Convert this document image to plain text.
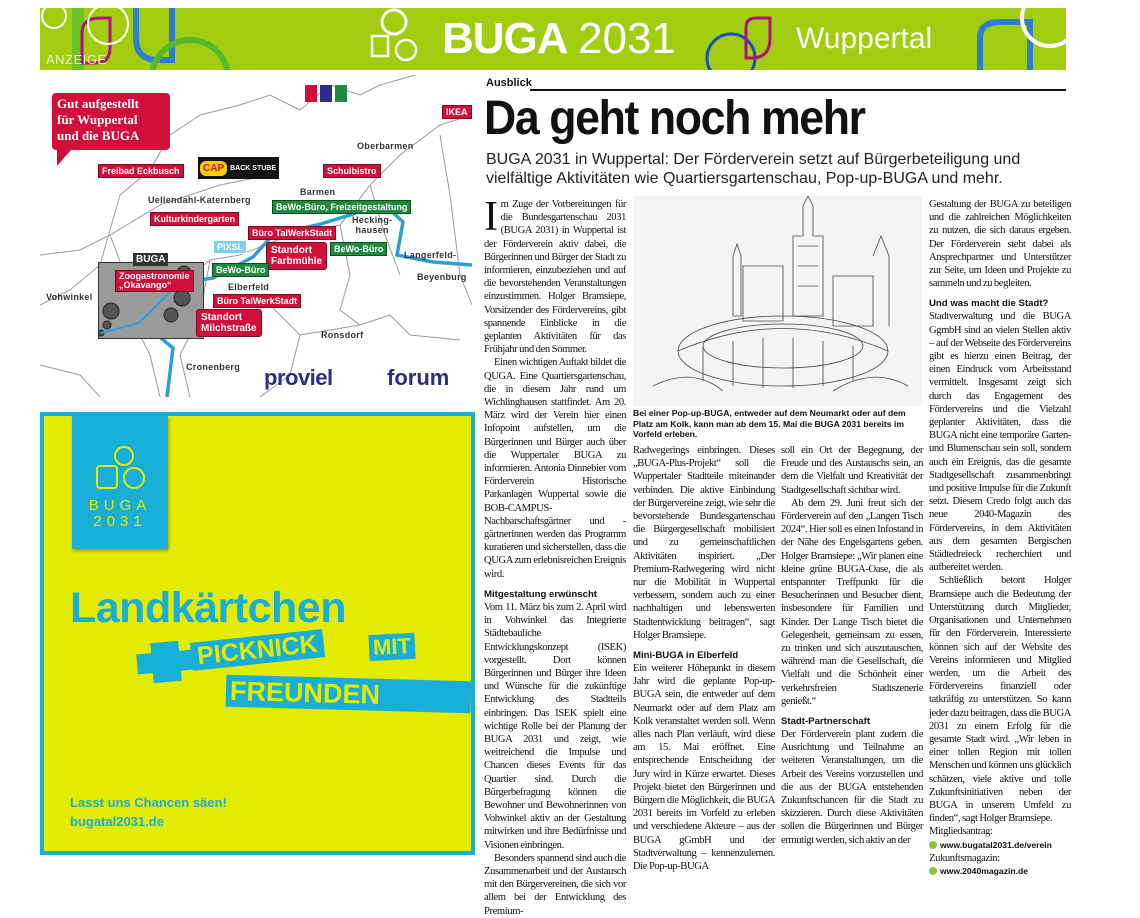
ANZEIGE	BUGA 2031	Wuppertal
Gut aufgestellt
für Wuppertal
und die BUGA
Oberbarmen
Barmen
Uellendahl-Katernberg
Hecking-
hausen
Langerfeld-
Beyenburg
Elberfeld
Vohwinkel
Ronsdorf
Cronenberg
Freibad Eckbusch	CAP BACK STUBE	Schulbistro
IKEA
Kulturkindergarten
BeWo-Büro, Freizeitgestaltung
Büro TalWerkStadt
Standort
Farbmühle
BeWo-Büro
PIXSL
BeWo-Büro
Büro TalWerkStadt
BUGA
Zoogastronomie
„Okavango“
Standort
Milchstraße
proviel forum
BUGA
2031
Landkärtchen
PICKNICK MIT
FREUNDEN
Lasst uns Chancen säen!
bugatal2031.de
Ausblick
Da geht noch mehr

BUGA 2031 in Wuppertal: Der Förderverein setzt auf Bürgerbeteiligung und vielfältige Aktivitäten wie Quartiersgartenschau, Pop-up-BUGA und mehr.

Im Zuge der Vorbereitungen für die Bundesgartenschau 2031 (BUGA 2031) in Wuppertal ist der Förderverein aktiv dabei, die Bürgerinnen und Bürger der Stadt zu informieren, einzubeziehen und auf die bevorstehenden Veranstaltungen einzustimmen. Holger Bramsiepe, Vorsitzender des Fördervereins, gibt spannende Einblicke in die geplanten Aktivitäten für das Frühjahr und den Sommer.

Einen wichtigen Auftakt bildet die QUGA. Eine Quartiersgartenschau, die in diesem Jahr rund um Wichlinghausen stattfindet. Am 20. März wird der Verein hier einen Infopoint aufstellen, um die Bürgerinnen und Bürger auch über die Wuppertaler BUGA zu informieren. Antonia Dinnebier vom Förderverein Historische Parkanlagen Wuppertal sowie die BOB-CAMPUS-Nachbarschaftsgärtner und -gärtnerinnen werden das Programm kuratieren und sicherstellen, dass die QUGA zum erlebnisreichen Ereignis wird.

Mitgestaltung erwünscht

Vom 11. März bis zum 2. April wird in Vohwinkel das Integrierte Städtebauliche Entwicklungskonzept (ISEK) vorgestellt. Dort können Bürgerinnen und Bürger ihre Ideen und Wünsche für die zukünftige Entwicklung des Stadtteils einbringen. Das ISEK spielt eine wichtige Rolle bei der Planung der BUGA 2031 und zeigt, wie weitreichend die Impulse und Chancen dieses Events für das Quartier sind. Durch die Bürgerbefragung können die Bewohner und Bewohnerinnen von Vohwinkel aktiv an der Gestaltung mitwirken und ihre Bedürfnisse und Visionen einbringen.

Besonders spannend sind auch die Zusammenarbeit und der Austausch mit den Bürgervereinen, die sich vor allem bei der Entwicklung des Premium-

Bei einer Pop-up-BUGA, entweder auf dem Neumarkt oder auf dem Platz am Kolk, kann man ab dem 15. Mai die BUGA 2031 bereits im Vorfeld erleben.

Radwegerings einbringen. Dieses „BUGA-Plus-Projekt“ soll die Wuppertaler Stadtteile miteinander verbinden. Die aktive Einbindung der Bürgervereine zeigt, wie sehr die bevorstehende Bundesgartenschau die Bürgergesellschaft mobilisiert und zu gemeinschaftlichen Aktivitäten inspiriert. „Der Premium-Radwegering wird nicht nur die Mobilität in Wuppertal verbessern, sondern auch zu einer nachhaltigen und lebenswerten Stadtentwicklung beitragen“, sagt Holger Bramsiepe.

Mini-BUGA in Elberfeld

Ein weiterer Höhepunkt in diesem Jahr wird die geplante Pop-up-BUGA sein, die entweder auf dem Neumarkt oder auf dem Platz am Kolk veranstaltet werden soll. Wenn alles nach Plan verläuft, wird diese am 15. Mai eröffnet. Eine entsprechende Entscheidung der Jury wird in Kürze erwartet. Dieses Projekt bietet den Bürgerinnen und Bürgern die Möglichkeit, die BUGA 2031 bereits im Vorfeld zu erleben und verschiedene Akteure – aus der BUGA gGmbH und der Stadtverwaltung – kennenzulernen. Die Pop-up-BUGA

soll ein Ort der Begegnung, der Freude und des Austauschs sein, an dem die Vielfalt und Kreativität der Stadtgesellschaft sichtbar wird.

Ab dem 29. Juni freut sich der Förderverein auf den „Langen Tisch 2024“. Hier soll es einen Infostand in der Nähe des Engelsgartens geben. Holger Bramsiepe: „Wir planen eine kleine grüne BUGA-Oase, die als entspannter Treffpunkt für die Besucherinnen und Besucher dient, insbesondere für Familien und Kinder. Der Lange Tisch bietet die Gelegenheit, gemeinsam zu essen, zu trinken und sich auszutauschen, während man die Gesellschaft, die Vielfalt und die Schönheit einer verkehrsfreien Stadtszenerie genießt.“

Stadt-Partnerschaft

Der Förderverein plant zudem die Ausrichtung und Teilnahme an weiteren Veranstaltungen, um die Arbeit des Vereins vorzustellen und die aus der BUGA entstehenden Zukunftschancen für die Stadt zu skizzieren. Durch diese Aktivitäten sollen die Bürgerinnen und Bürger ermutigt werden, sich aktiv an der

Gestaltung der BUGA zu beteiligen und die zahlreichen Möglichkeiten zu nutzen, die sich daraus ergeben. Der Förderverein steht dabei als Ansprechpartner und Unterstützer zur Seite, um Ideen und Projekte zu sammeln und zu begleiten.

Und was macht die Stadt?

Stadtverwaltung und die BUGA GgmbH sind an vielen Stellen aktiv – auf der Webseite des Fördervereins gibt es hierzu einen Beitrag, der einen Eindruck vom Arbeitsstand vermittelt. Insgesamt zeigt sich durch das Engagement des Fördervereins und die Vielzahl geplanter Aktivitäten, dass die BUGA nicht eine temporäre Garten- und Blumenschau sein soll, sondern auch ein Ereignis, das die gesamte Stadtgesellschaft zusammenbringt und positive Impulse für die Zukunft setzt. Diesem Credo folgt auch das neue 2040-Magazin des Fördervereins, in dem Aktivitäten aus dem gesamten Bergischen Städtedreieck recherchiert und aufbereitet werden.

Schließlich betont Holger Bramsiepe auch die Bedeutung der Unterstützung durch Mitglieder, Organisationen und Unternehmen für den Förderverein. Interessierte können sich auf der Website des Vereins informieren und Mitglied werden, um die Arbeit des Fördervereins finanziell oder tatkräftig zu unterstützen. So kann jeder dazu beitragen, dass die BUGA 2031 zu einem Erfolg für die gesamte Stadt wird. „Wir leben in einer tollen Region mit tollen Menschen und können uns glücklich schätzen, viele aktive und tolle Zukunftsinitiativen neben der BUGA in unserem Umfeld zu finden“, sagt Holger Bramsiepe.

Mitgliedsantrag:

www.bugatal2031.de/verein

Zukunftsmagazin:

www.2040magazin.de
